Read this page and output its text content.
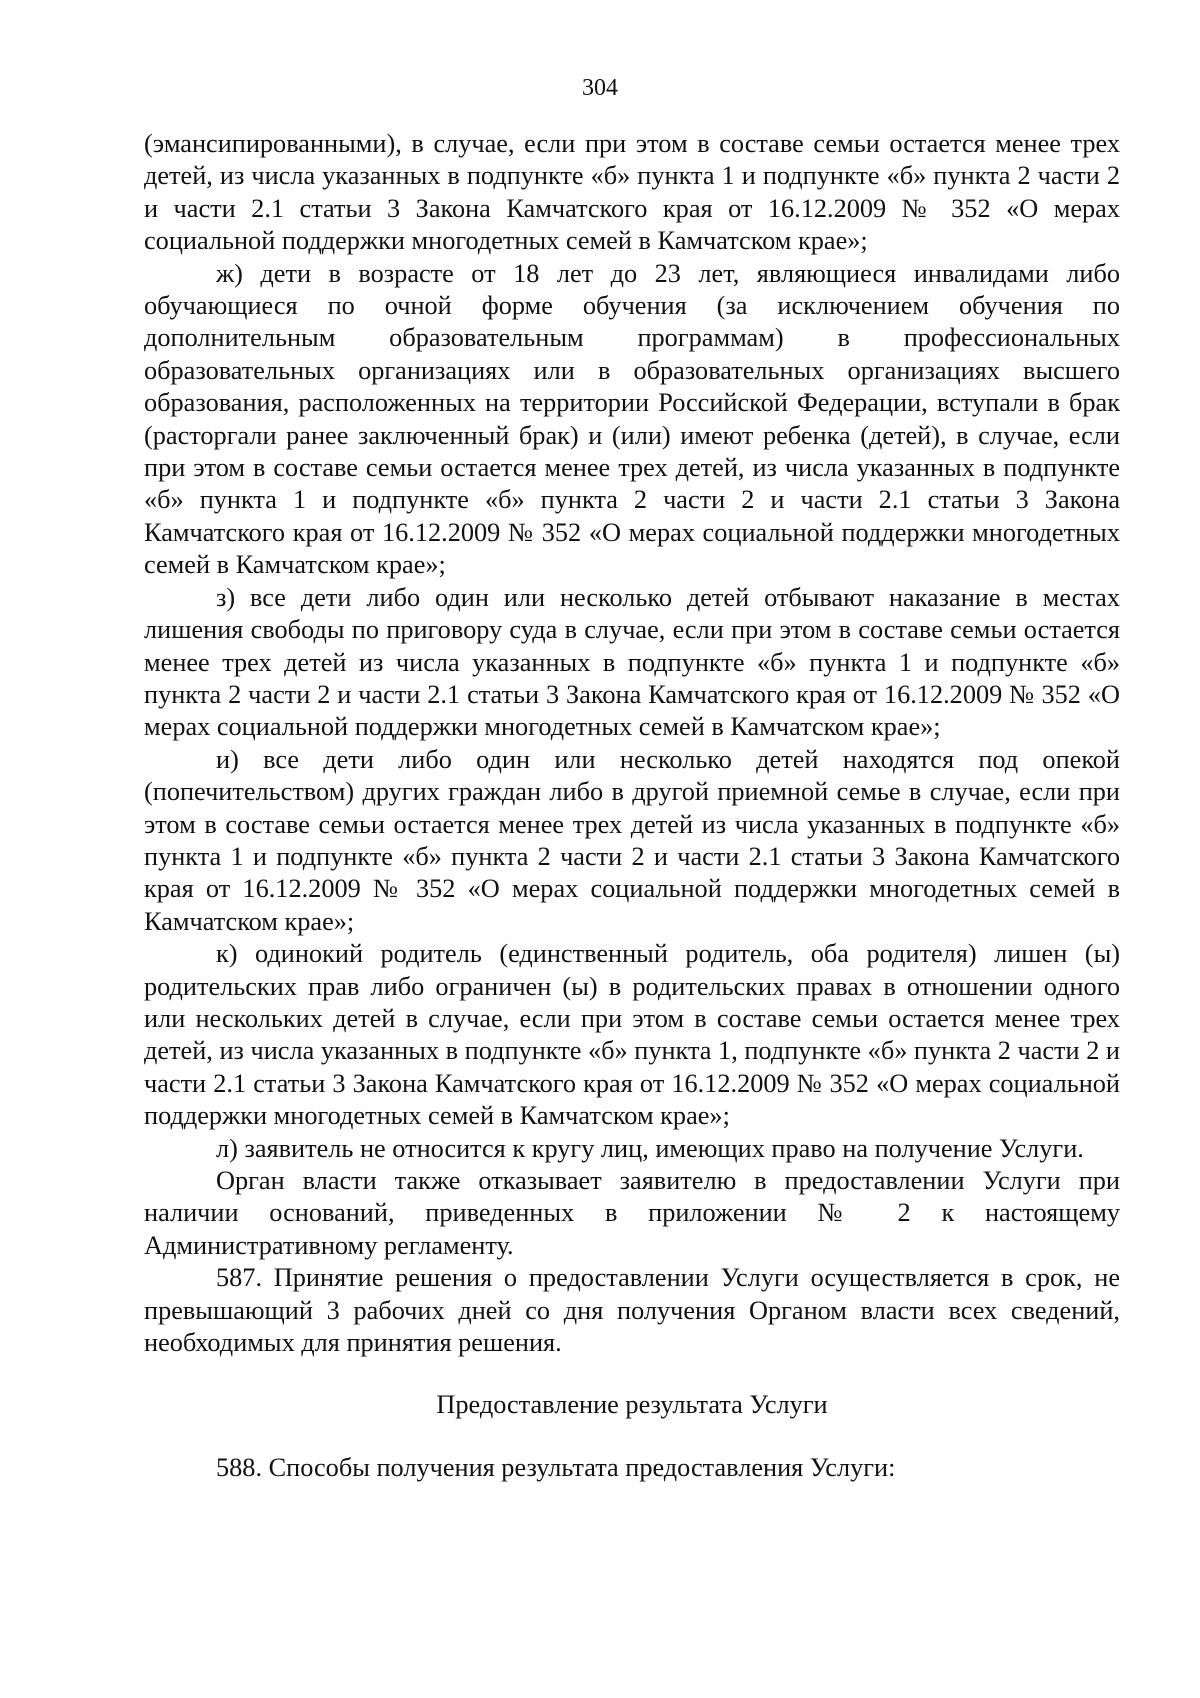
304

(эмансипированными), в случае, если при этом в составе семьи остается менее трех детей, из числа указанных в подпункте «б» пункта 1 и подпункте «б» пункта 2 части 2 и части 2.1 статьи 3 Закона Камчатского края от 16.12.2009 № 352 «О мерах социальной поддержки многодетных семей в Камчатском крае»;

ж) дети в возрасте от 18 лет до 23 лет, являющиеся инвалидами либо обучающиеся по очной форме обучения (за исключением обучения по дополнительным образовательным программам) в профессиональных образовательных организациях или в образовательных организациях высшего образования, расположенных на территории Российской Федерации, вступали в брак (расторгали ранее заключенный брак) и (или) имеют ребенка (детей), в случае, если при этом в составе семьи остается менее трех детей, из числа указанных в подпункте «б» пункта 1 и подпункте «б» пункта 2 части 2 и части 2.1 статьи 3 Закона Камчатского края от 16.12.2009 № 352 «О мерах социальной поддержки многодетных семей в Камчатском крае»;

з) все дети либо один или несколько детей отбывают наказание в местах лишения свободы по приговору суда в случае, если при этом в составе семьи остается менее трех детей из числа указанных в подпункте «б» пункта 1 и подпункте «б» пункта 2 части 2 и части 2.1 статьи 3 Закона Камчатского края от 16.12.2009 № 352 «О мерах социальной поддержки многодетных семей в Камчатском крае»;

и) все дети либо один или несколько детей находятся под опекой (попечительством) других граждан либо в другой приемной семье в случае, если при этом в составе семьи остается менее трех детей из числа указанных в подпункте «б» пункта 1 и подпункте «б» пункта 2 части 2 и части 2.1 статьи 3 Закона Камчатского края от 16.12.2009 № 352 «О мерах социальной поддержки многодетных семей в Камчатском крае»;

к) одинокий родитель (единственный родитель, оба родителя) лишен (ы) родительских прав либо ограничен (ы) в родительских правах в отношении одного или нескольких детей в случае, если при этом в составе семьи остается менее трех детей, из числа указанных в подпункте «б» пункта 1, подпункте «б» пункта 2 части 2 и части 2.1 статьи 3 Закона Камчатского края от 16.12.2009 № 352 «О мерах социальной поддержки многодетных семей в Камчатском крае»;

л) заявитель не относится к кругу лиц, имеющих право на получение Услуги.

Орган власти также отказывает заявителю в предоставлении Услуги при наличии оснований, приведенных в приложении № 2 к настоящему Административному регламенту.

587. Принятие решения о предоставлении Услуги осуществляется в срок, не превышающий 3 рабочих дней со дня получения Органом власти всех сведений, необходимых для принятия решения.

Предоставление результата Услуги

588. Способы получения результата предоставления Услуги:
